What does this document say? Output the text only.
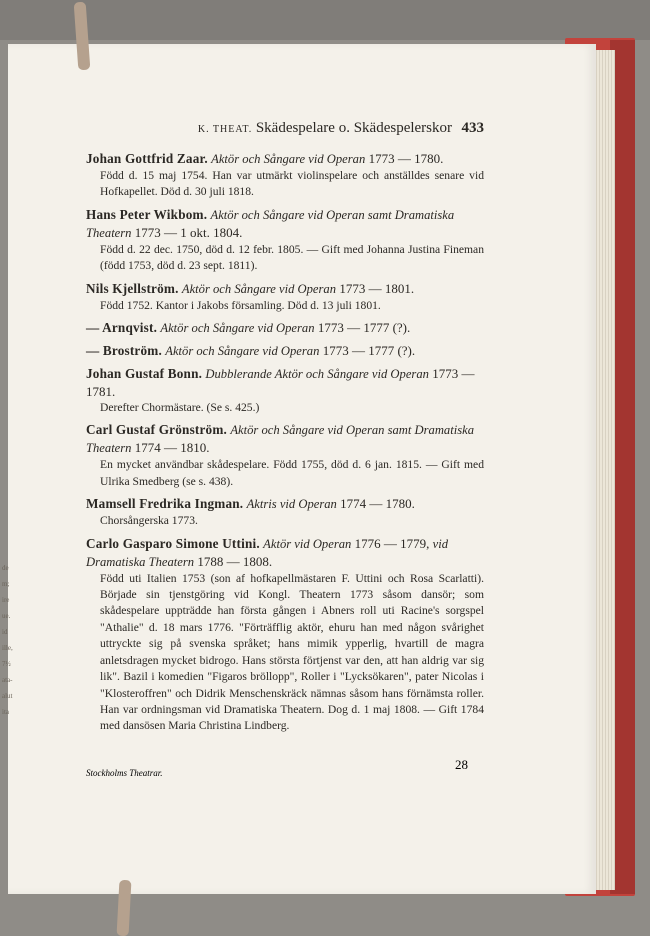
de
m;
ire
ue.
id
ille,
7½
ata-
alut
ita
K. THEAT. Skädespelare o. Skädespelerskor 433
Johan Gottfrid Zaar. Aktör och Sångare vid Operan 1773 — 1780.
Född d. 15 maj 1754. Han var utmärkt violinspelare och anställdes senare vid Hofkapellet. Död d. 30 juli 1818.
Hans Peter Wikbom. Aktör och Sångare vid Operan samt Dramatiska Theatern 1773 — 1 okt. 1804.
Född d. 22 dec. 1750, död d. 12 febr. 1805. — Gift med Johanna Justina Fineman (född 1753, död d. 23 sept. 1811).
Nils Kjellström. Aktör och Sångare vid Operan 1773 — 1801.
Född 1752. Kantor i Jakobs församling. Död d. 13 juli 1801.
— Arnqvist. Aktör och Sångare vid Operan 1773 — 1777 (?).
— Broström. Aktör och Sångare vid Operan 1773 — 1777 (?).
Johan Gustaf Bonn. Dubblerande Aktör och Sångare vid Operan 1773 — 1781.
Derefter Chormästare. (Se s. 425.)
Carl Gustaf Grönström. Aktör och Sångare vid Operan samt Dramatiska Theatern 1774 — 1810.
En mycket användbar skådespelare. Född 1755, död d. 6 jan. 1815. — Gift med Ulrika Smedberg (se s. 438).
Mamsell Fredrika Ingman. Aktris vid Operan 1774 — 1780.
Chorsångerska 1773.
Carlo Gasparo Simone Uttini. Aktör vid Operan 1776 — 1779, vid Dramatiska Theatern 1788 — 1808.
Född uti Italien 1753 (son af hofkapellmästaren F. Uttini och Rosa Scarlatti). Började sin tjenstgöring vid Kongl. Theatern 1773 såsom dansör; som skådespelare uppträdde han första gången i Abners roll uti Racine's sorgspel "Athalie" d. 18 mars 1776. "Förträfflig aktör, ehuru han med någon svårighet uttryckte sig på svenska språket; hans mimik ypperlig, hvartill de magra anletsdragen mycket bidrogo. Hans största förtjenst var den, att han aldrig var sig lik". Bazil i komedien "Figaros bröllopp", Roller i "Lycksökaren", pater Nicolas i "Klosteroffren" och Didrik Menschenskräck nämnas såsom hans förnämsta roller. Han var ordningsman vid Dramatiska Theatern. Dog d. 1 maj 1808. — Gift 1784 med dansösen Maria Christina Lindberg.
Stockholms Theatrar.
28
